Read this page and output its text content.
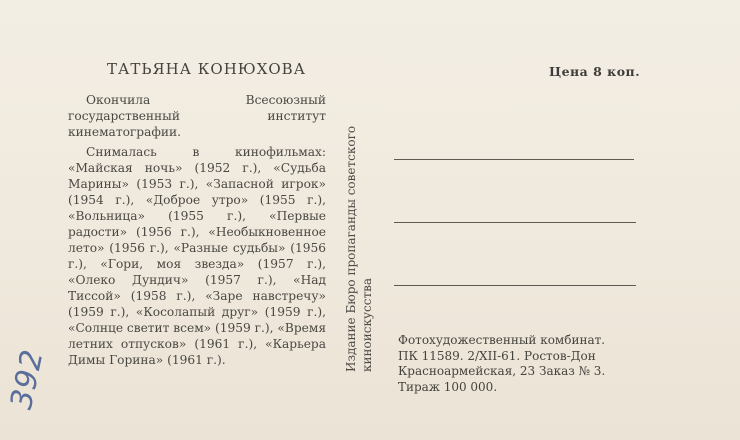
ТАТЬЯНА КОНЮХОВА

Окончила Всесоюзный государственный институт кинематографии.

Снималась в кинофильмах: «Майская ночь» (1952 г.), «Судьба Марины» (1953 г.), «Запасной игрок» (1954 г.), «Доброе утро» (1955 г.), «Вольница» (1955 г.), «Первые радости» (1956 г.), «Необыкновенное лето» (1956 г.), «Разные судьбы» (1956 г.), «Гори, моя звезда» (1957 г.), «Олеко Дундич» (1957 г.), «Над Тиссой» (1958 г.), «Заре навстречу» (1959 г.), «Косолапый друг» (1959 г.), «Солнце светит всем» (1959 г.), «Время летних отпусков» (1961 г.), «Карьера Димы Горина» (1961 г.).

Цена 8 коп.
Издание Бюро пропаганды советского киноискусства Фотохудожественный комбинат.
ПК 11589. 2/XII-61. Ростов-Дон
Красноармейская, 23 Заказ № 3.
Тираж 100 000.
392
